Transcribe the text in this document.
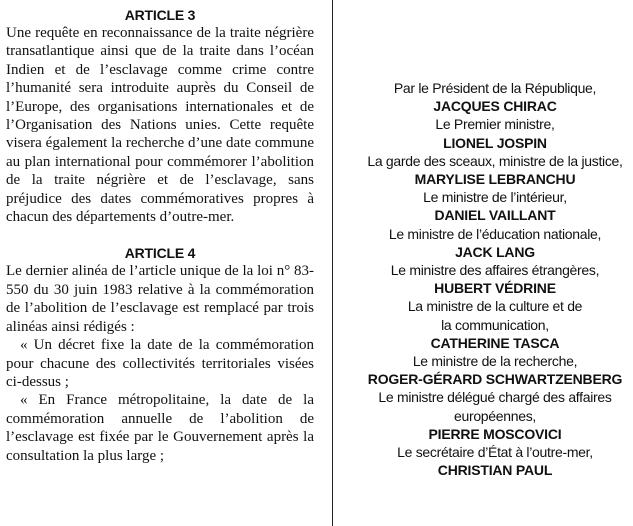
ARTICLE 3

Une requête en reconnaissance de la traite négrière transatlantique ainsi que de la traite dans l’océan Indien et de l’esclavage comme crime contre l’humanité sera introduite auprès du Conseil de l’Europe, des organisations internationales et de l’Organisation des Nations unies. Cette requête visera également la recherche d’une date commune au plan international pour commémorer l’abolition de la traite négrière et de l’esclavage, sans préjudice des dates commémoratives propres à chacun des départements d’outre-mer.

ARTICLE 4

Le dernier alinéa de l’article unique de la loi n° 83-550 du 30 juin 1983 relative à la commémoration de l’abolition de l’esclavage est remplacé par trois alinéas ainsi rédigés :

« Un décret fixe la date de la commémoration pour chacune des collectivités territoriales visées ci-dessus ;

« En France métropolitaine, la date de la commémoration annuelle de l’abolition de l’esclavage est fixée par le Gouvernement après la consultation la plus large ;

Par le Président de la République,
JACQUES CHIRAC
Le Premier ministre,
LIONEL JOSPIN
La garde des sceaux, ministre de la justice,
MARYLISE LEBRANCHU
Le ministre de l’intérieur,
DANIEL VAILLANT
Le ministre de l’éducation nationale,
JACK LANG
Le ministre des affaires étrangères,
HUBERT VÉDRINE
La ministre de la culture et de
la communication,
CATHERINE TASCA
Le ministre de la recherche,
ROGER-GÉRARD SCHWARTZENBERG
Le ministre délégué chargé des affaires
européennes,
PIERRE MOSCOVICI
Le secrétaire d’État à l’outre-mer,
CHRISTIAN PAUL
